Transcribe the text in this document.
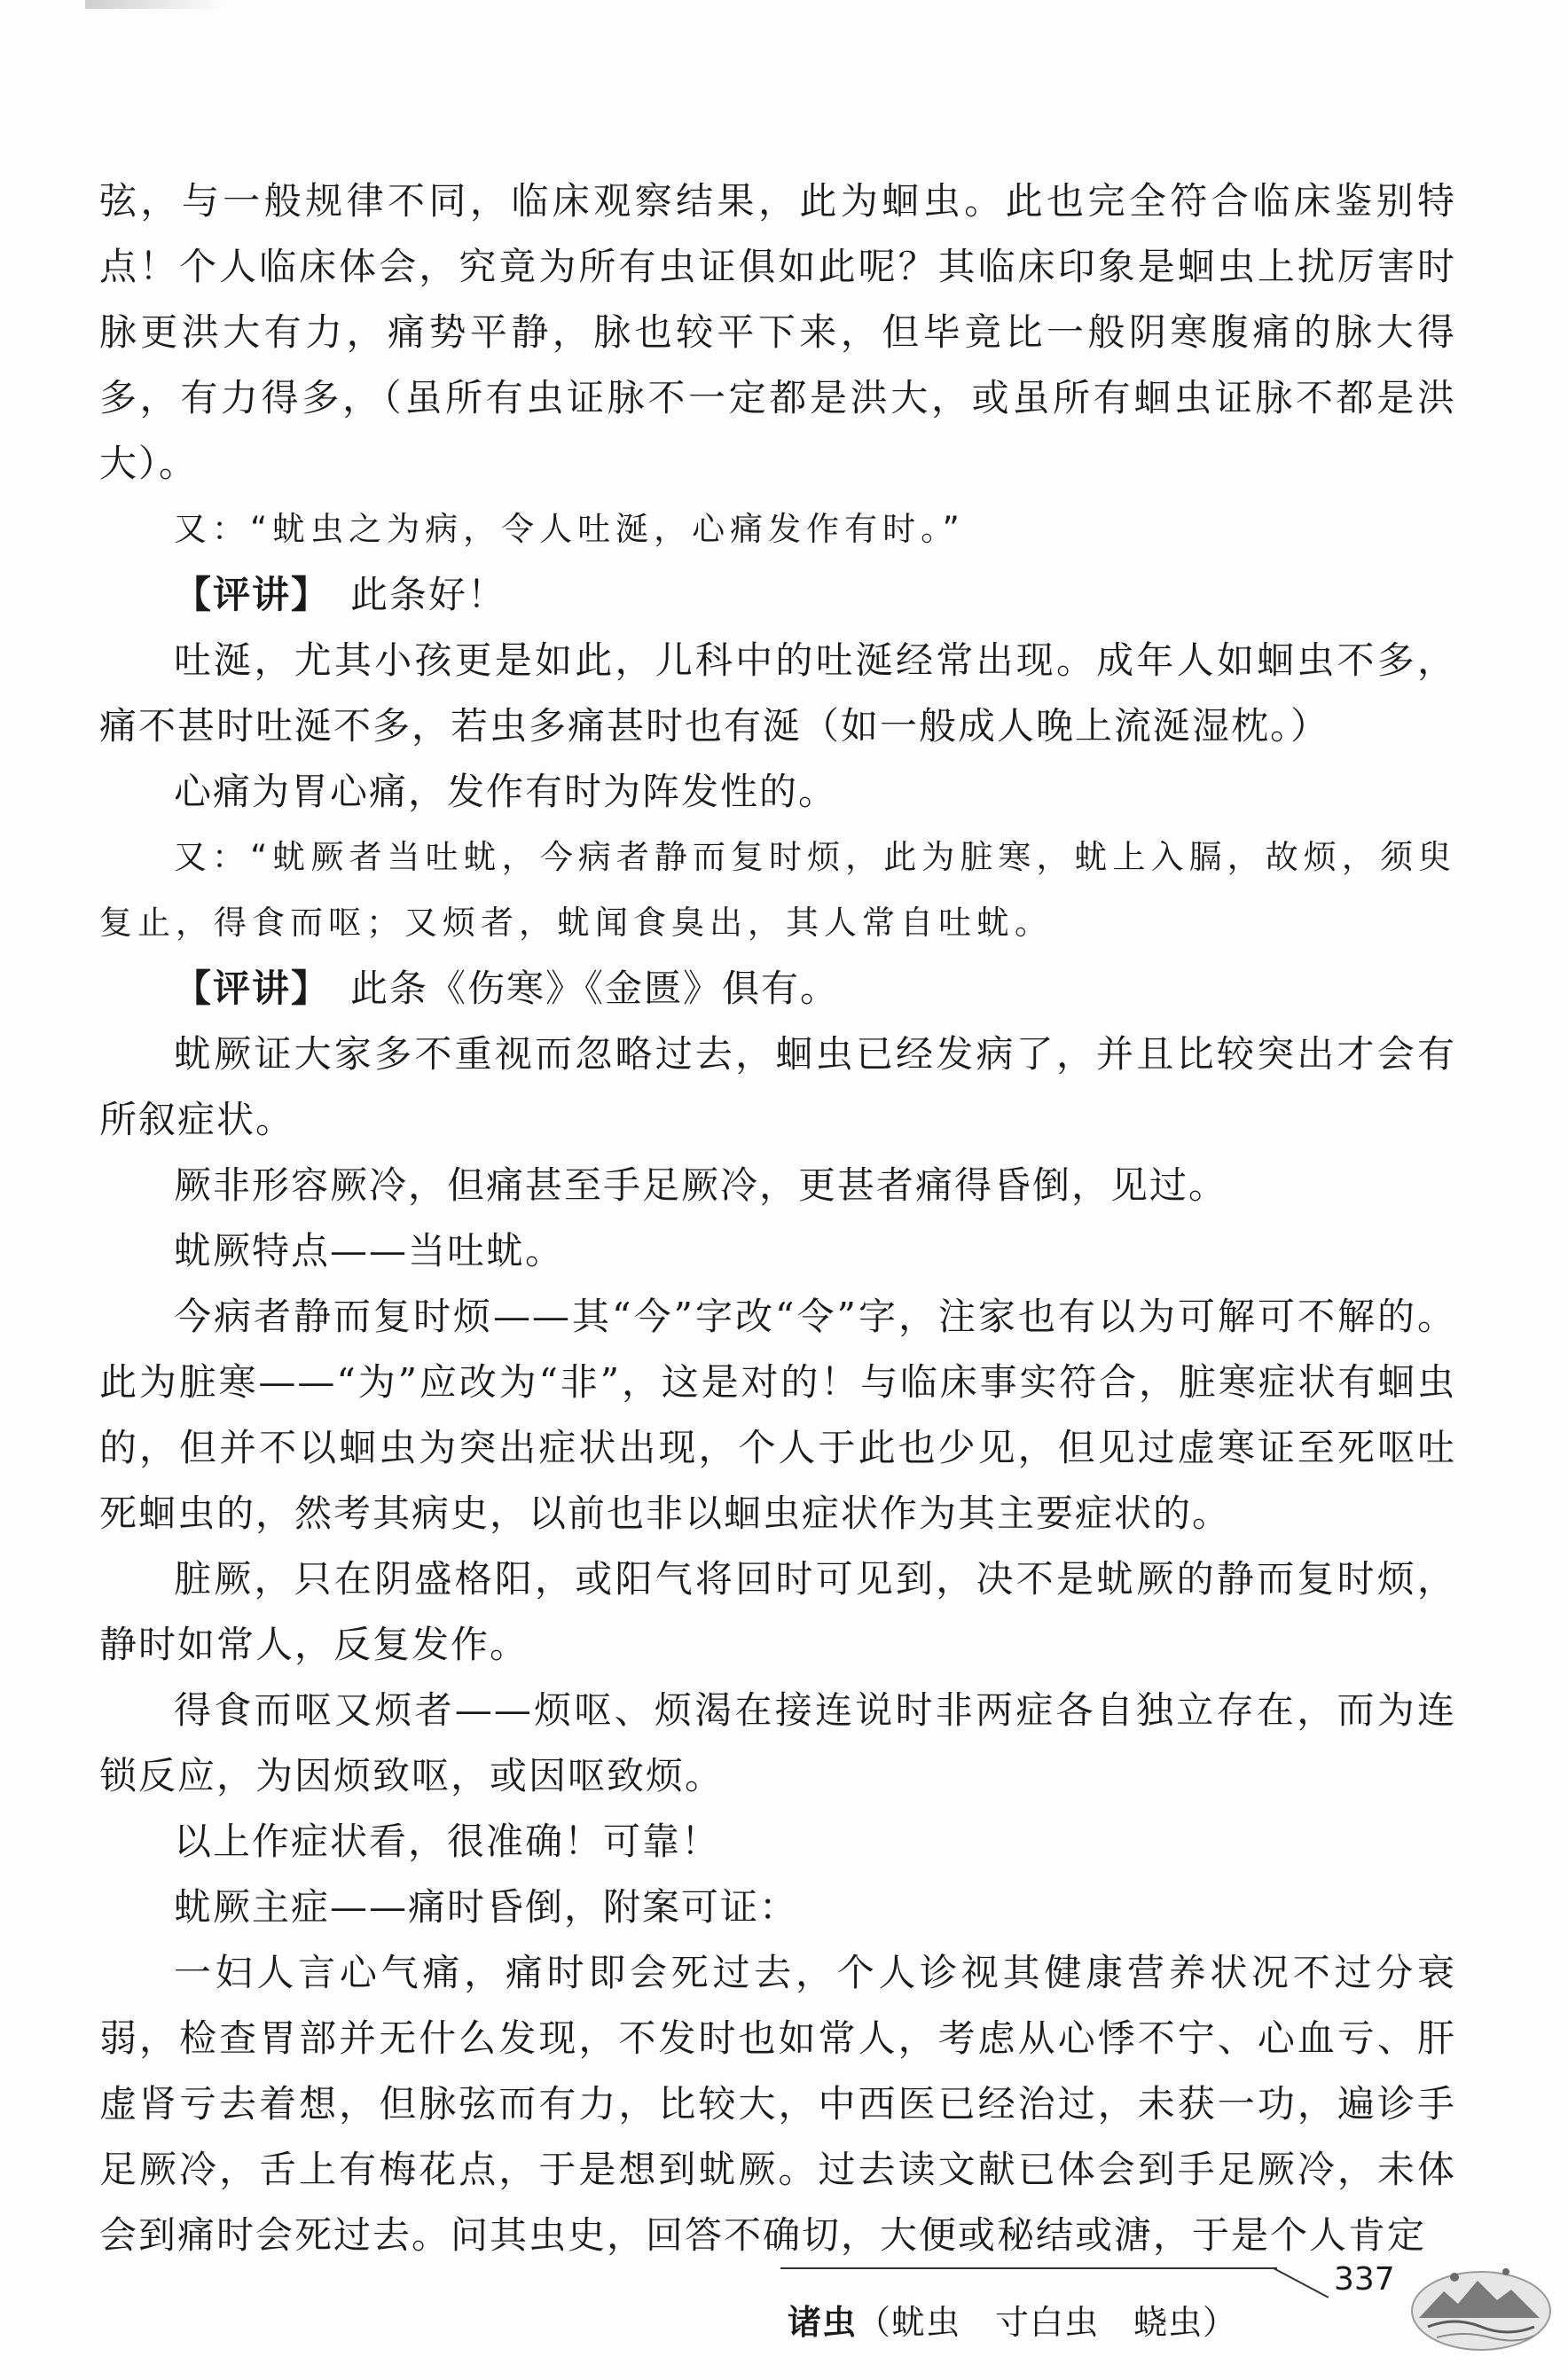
弦，与一般规律不同，临床观察结果，此为蛔虫。此也完全符合临床鉴别特点！个人临床体会，究竟为所有虫证俱如此呢？其临床印象是蛔虫上扰厉害时脉更洪大有力，痛势平静，脉也较平下来，但毕竟比一般阴寒腹痛的脉大得多，有力得多，（虽所有虫证脉不一定都是洪大，或虽所有蛔虫证脉不都是洪大）。

又：“蚘虫之为病，令人吐涎，心痛发作有时。”

【评讲】　 此条好！

吐涎，尤其小孩更是如此，儿科中的吐涎经常出现。成年人如蛔虫不多，痛不甚时吐涎不多，若虫多痛甚时也有涎（如一般成人晚上流涎湿枕。）

心痛为胃心痛，发作有时为阵发性的。

又：“蚘厥者当吐蚘，今病者静而复时烦，此为脏寒，蚘上入膈，故烦，须臾复止，得食而呕；又烦者，蚘闻食臭出，其人常自吐蚘。

【评讲】　 此条《伤寒》《金匮》俱有。

蚘厥证大家多不重视而忽略过去，蛔虫已经发病了，并且比较突出才会有所叙症状。

厥非形容厥冷，但痛甚至手足厥冷，更甚者痛得昏倒，见过。

蚘厥特点——当吐蚘。

今病者静而复时烦——其“今”字改“令”字，注家也有以为可解可不解的。此为脏寒——“为”应改为“非”，这是对的！与临床事实符合，脏寒症状有蛔虫的，但并不以蛔虫为突出症状出现，个人于此也少见，但见过虚寒证至死呕吐死蛔虫的，然考其病史，以前也非以蛔虫症状作为其主要症状的。

脏厥，只在阴盛格阳，或阳气将回时可见到，决不是蚘厥的静而复时烦，静时如常人，反复发作。

得食而呕又烦者——烦呕、烦渴在接连说时非两症各自独立存在，而为连锁反应，为因烦致呕，或因呕致烦。

以上作症状看，很准确！可靠！

蚘厥主症——痛时昏倒，附案可证：

一妇人言心气痛，痛时即会死过去，个人诊视其健康营养状况不过分衰弱，检查胃部并无什么发现，不发时也如常人，考虑从心悸不宁、心血亏、肝虚肾亏去着想，但脉弦而有力，比较大，中西医已经治过，未获一功，遍诊手足厥冷，舌上有梅花点，于是想到蚘厥。过去读文献已体会到手足厥冷，未体会到痛时会死过去。问其虫史，回答不确切，大便或秘结或溏，于是个人肯定

337
诸虫（蚘虫　寸白虫　蛲虫）
